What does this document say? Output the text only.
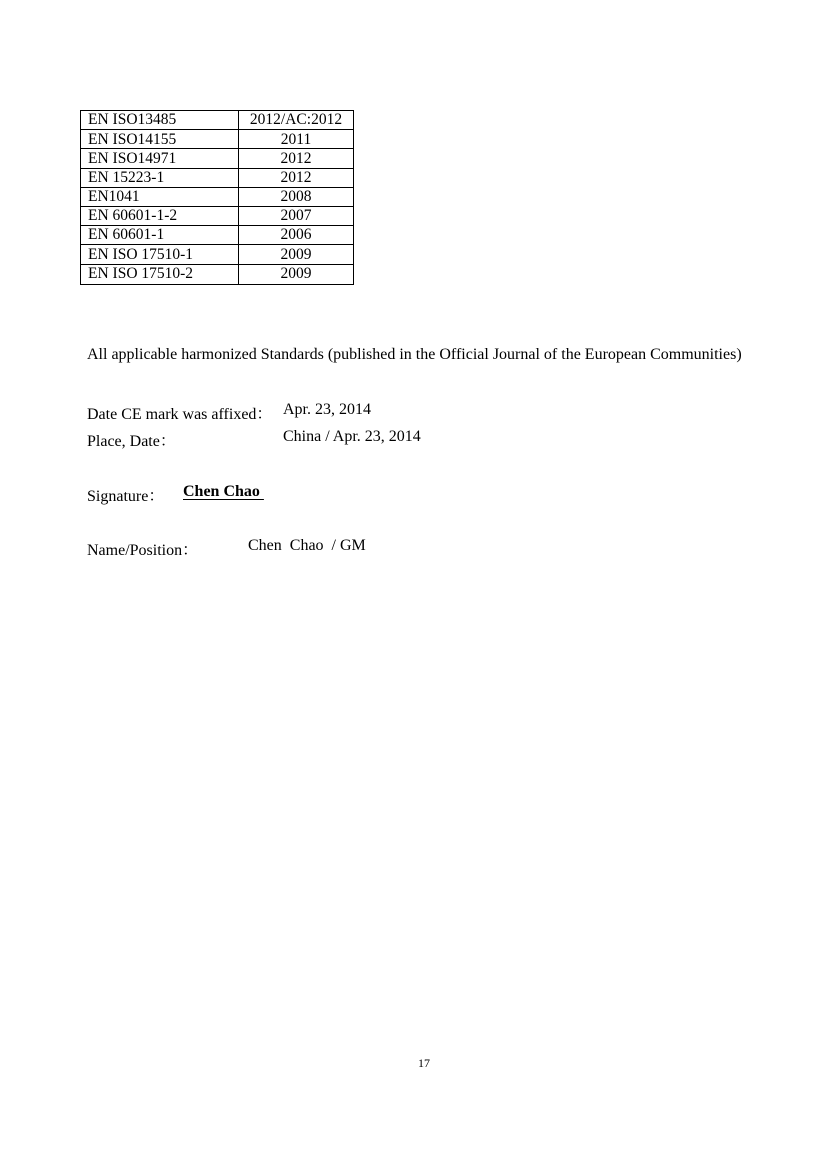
EN ISO13485	2012/AC:2012
EN ISO14155	2011
EN ISO14971	2012
EN 15223-1	2012
EN1041	2008
EN 60601-1-2	2007
EN 60601-1	2006
EN ISO 17510-1	2009
EN ISO 17510-2	2009
All applicable harmonized Standards (published in the Official Journal of the European Communities)
Date CE mark was affixed： Apr. 23, 2014
Place, Date：	China / Apr. 23, 2014
Signature： Chen Chao
Name/Position：	Chen  Chao  / GM
17
